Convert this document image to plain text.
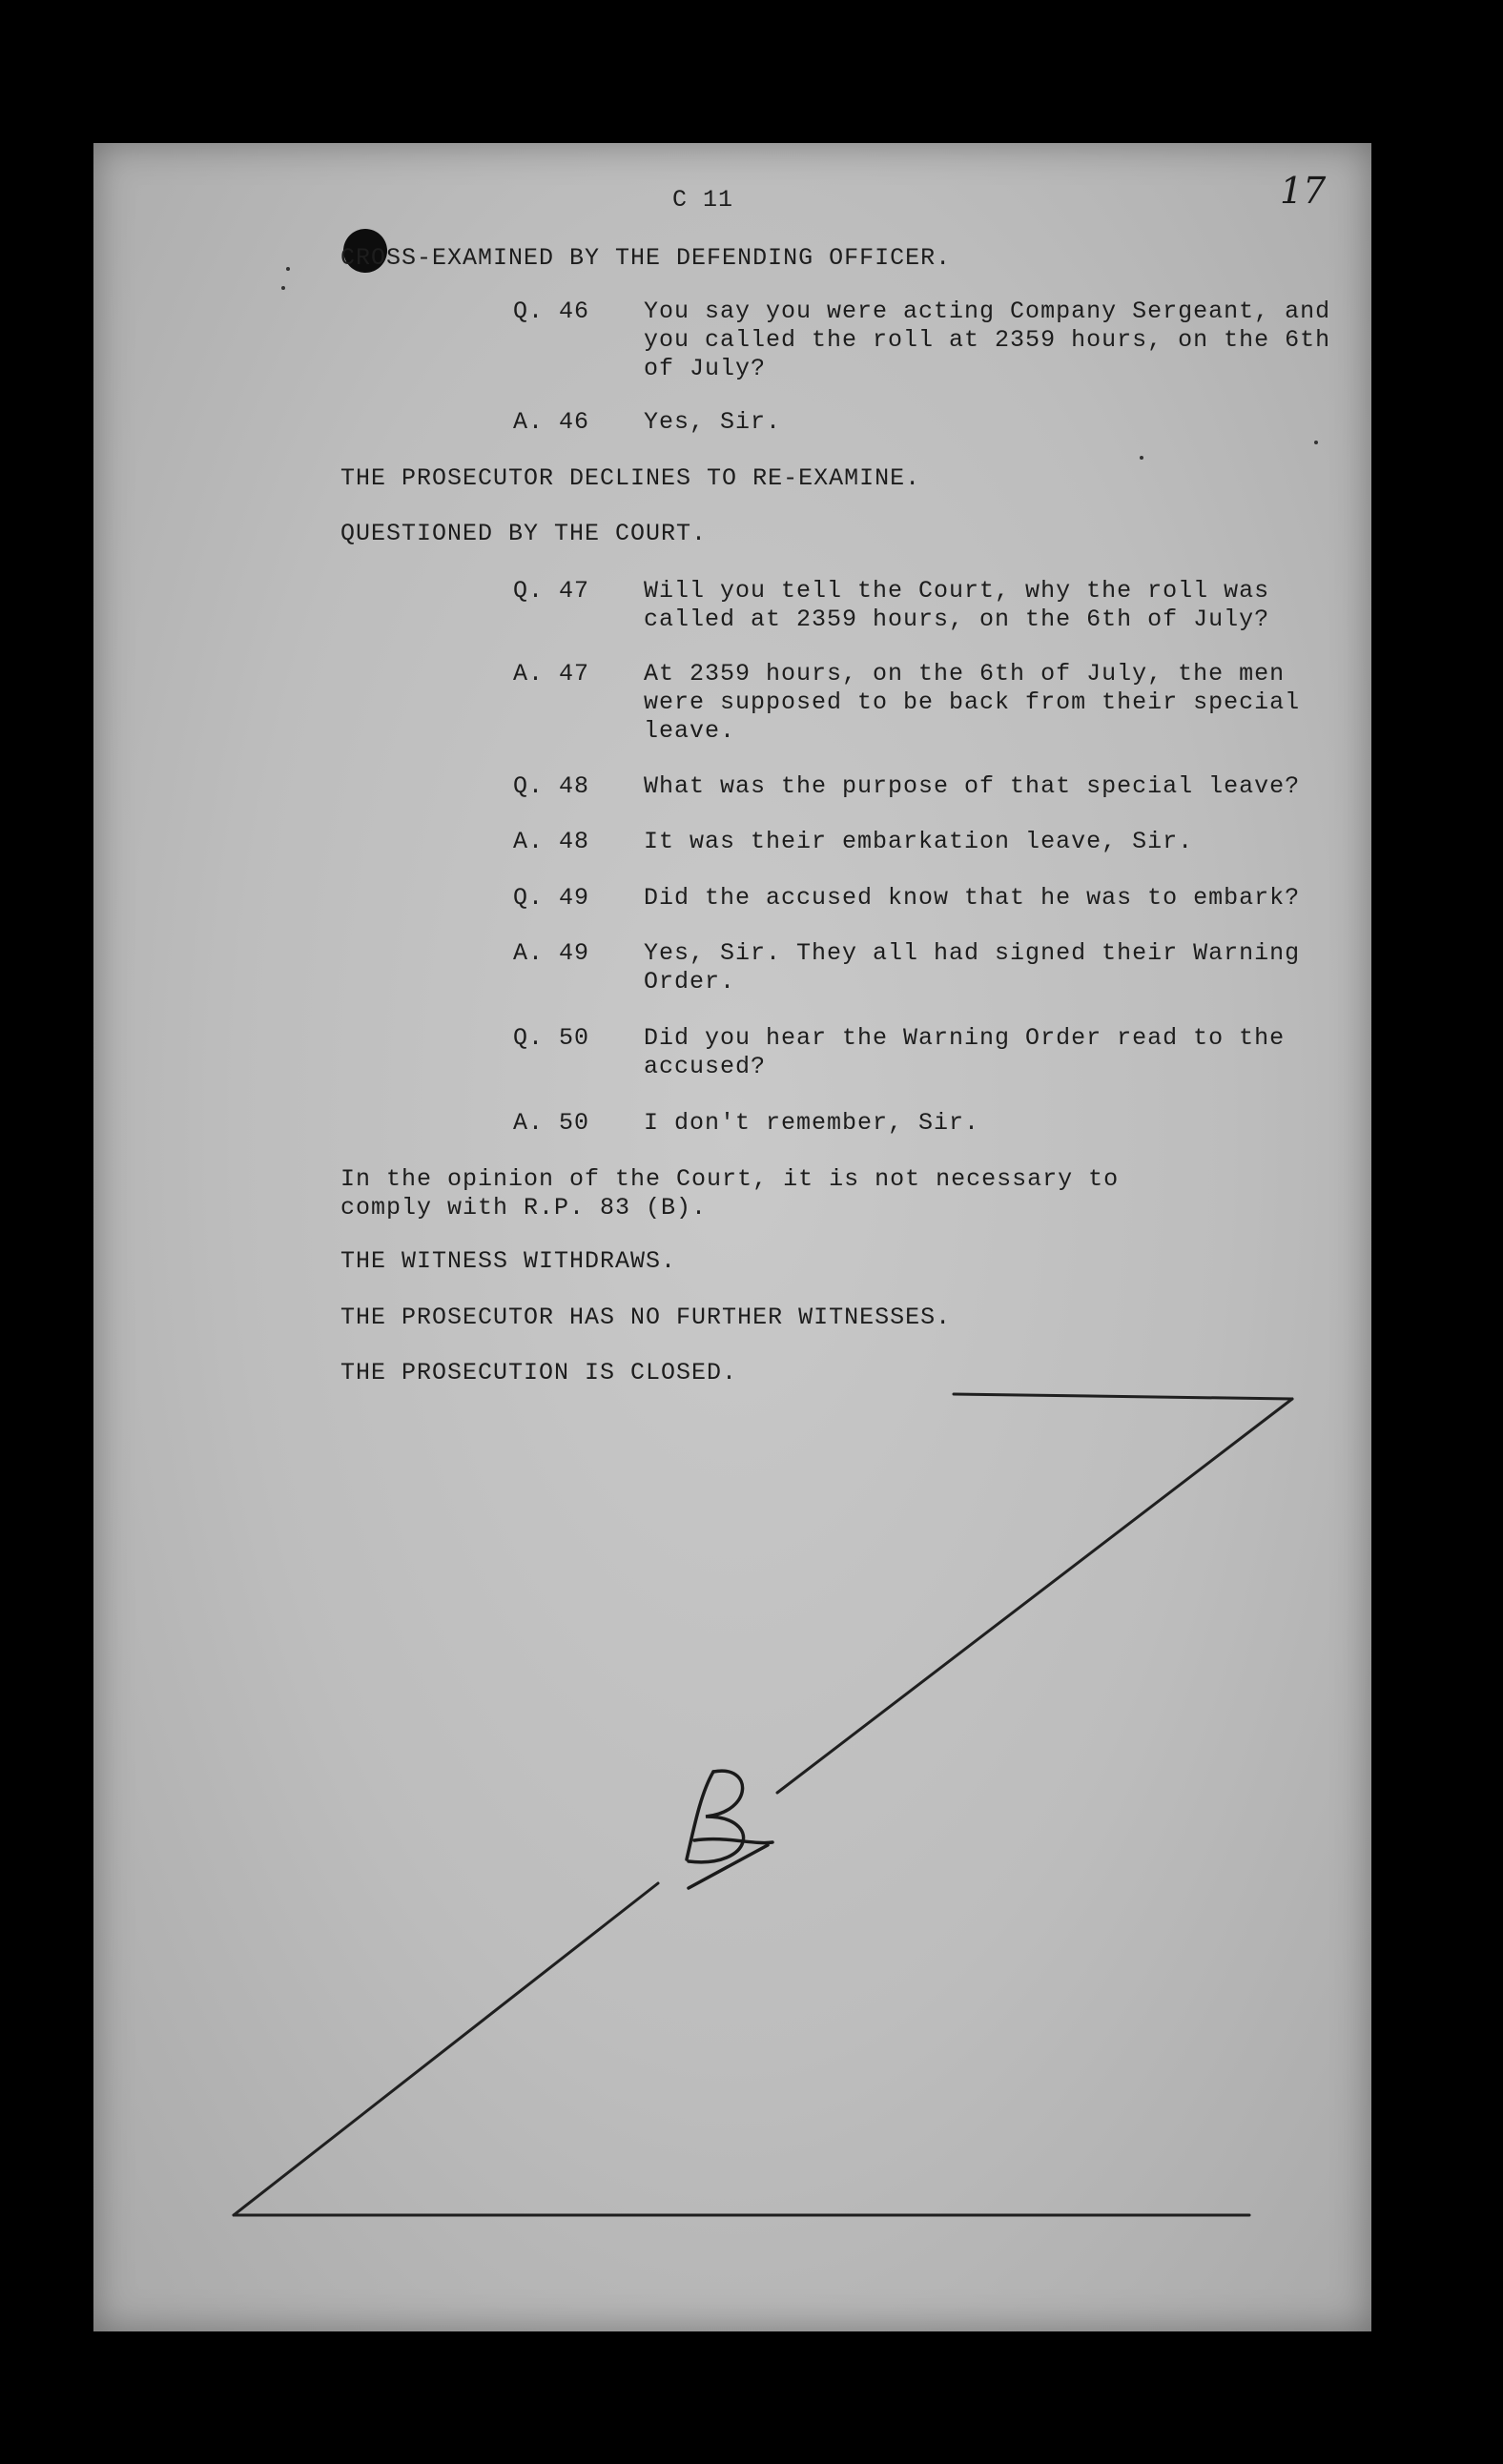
C 11	17
CROSS-EXAMINED BY THE DEFENDING OFFICER.
Q. 46 You say you were acting Company Sergeant, and you called the roll at 2359 hours, on the 6th of July?
A. 46 Yes, Sir.
THE PROSECUTOR DECLINES TO RE-EXAMINE.
QUESTIONED BY THE COURT.
Q. 47 Will you tell the Court, why the roll was called at 2359 hours, on the 6th of July?
A. 47 At 2359 hours, on the 6th of July, the men were supposed to be back from their special leave.
Q. 48 What was the purpose of that special leave?
A. 48 It was their embarkation leave, Sir.
Q. 49 Did the accused know that he was to embark?
A. 49 Yes, Sir. They all had signed their Warning Order.
Q. 50 Did you hear the Warning Order read to the accused?
A. 50 I don't remember, Sir.
In the opinion of the Court, it is not necessary to comply with R.P. 83 (B).
THE WITNESS WITHDRAWS.
THE PROSECUTOR HAS NO FURTHER WITNESSES.
THE PROSECUTION IS CLOSED.
